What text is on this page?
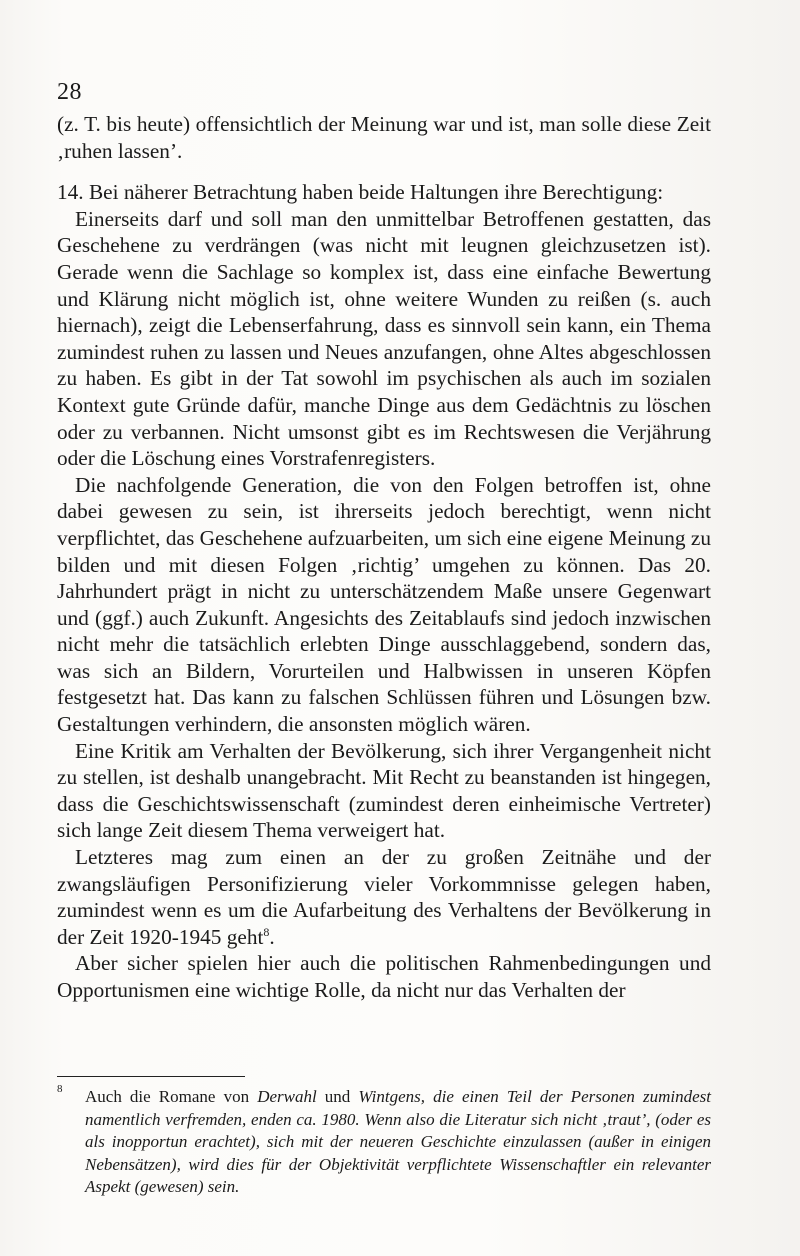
28

(z. T. bis heute) offensichtlich der Meinung war und ist, man solle diese Zeit ‚ruhen lassen’.

14. Bei näherer Betrachtung haben beide Haltungen ihre Berechtigung:

Einerseits darf und soll man den unmittelbar Betroffenen gestatten, das Geschehene zu verdrängen (was nicht mit leugnen gleichzusetzen ist). Gerade wenn die Sachlage so komplex ist, dass eine einfache Bewertung und Klärung nicht möglich ist, ohne weitere Wunden zu reißen (s. auch hiernach), zeigt die Lebenserfahrung, dass es sinnvoll sein kann, ein Thema zumindest ruhen zu lassen und Neues anzufangen, ohne Altes abgeschlossen zu haben. Es gibt in der Tat sowohl im psychischen als auch im sozialen Kontext gute Gründe dafür, manche Dinge aus dem Gedächtnis zu löschen oder zu verbannen. Nicht umsonst gibt es im Rechtswesen die Verjährung oder die Löschung eines Vorstrafenregisters.

Die nachfolgende Generation, die von den Folgen betroffen ist, ohne dabei gewesen zu sein, ist ihrerseits jedoch berechtigt, wenn nicht verpflichtet, das Geschehene aufzuarbeiten, um sich eine eigene Meinung zu bilden und mit diesen Folgen ‚richtig’ umgehen zu können. Das 20. Jahrhundert prägt in nicht zu unterschätzendem Maße unsere Gegenwart und (ggf.) auch Zukunft. Angesichts des Zeitablaufs sind jedoch inzwischen nicht mehr die tatsächlich erlebten Dinge ausschlaggebend, sondern das, was sich an Bildern, Vorurteilen und Halbwissen in unseren Köpfen festgesetzt hat. Das kann zu falschen Schlüssen führen und Lösungen bzw. Gestaltungen verhindern, die ansonsten möglich wären.

Eine Kritik am Verhalten der Bevölkerung, sich ihrer Vergangenheit nicht zu stellen, ist deshalb unangebracht. Mit Recht zu beanstanden ist hingegen, dass die Geschichtswissenschaft (zumindest deren einheimische Vertreter) sich lange Zeit diesem Thema verweigert hat.

Letzteres mag zum einen an der zu großen Zeitnähe und der zwangsläufigen Personifizierung vieler Vorkommnisse gelegen haben, zumindest wenn es um die Aufarbeitung des Verhaltens der Bevölkerung in der Zeit 1920-1945 geht$^8$.

Aber sicher spielen hier auch die politischen Rahmenbedingungen und Opportunismen eine wichtige Rolle, da nicht nur das Verhalten der

8 Auch die Romane von Derwahl und Wintgens, die einen Teil der Personen zumindest namentlich verfremden, enden ca. 1980. Wenn also die Literatur sich nicht ‚traut’, (oder es als inopportun erachtet), sich mit der neueren Geschichte einzulassen (außer in einigen Nebensätzen), wird dies für der Objektivität verpflichtete Wissenschaftler ein relevanter Aspekt (gewesen) sein.
